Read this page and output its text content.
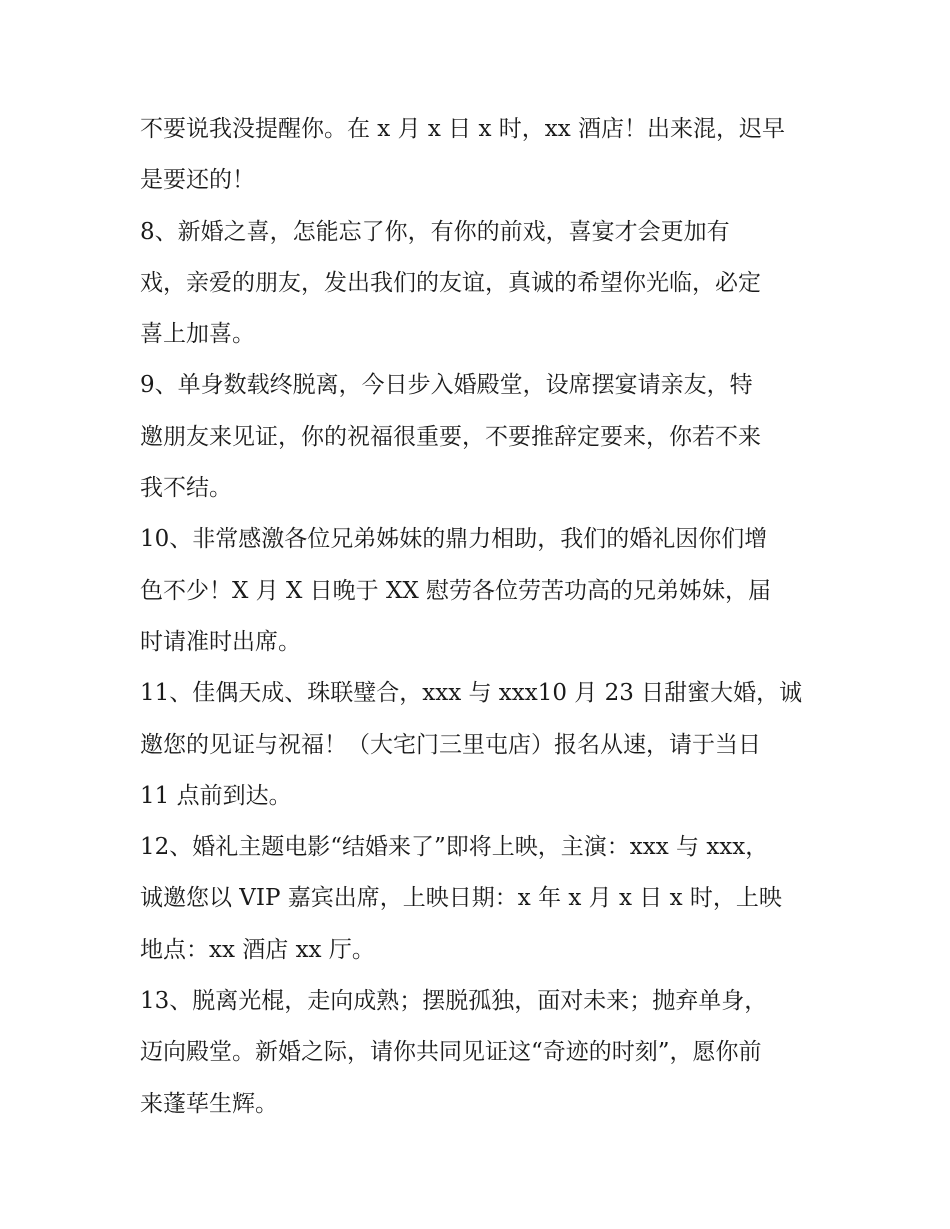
不要说我没提醒你。在 x 月 x 日 x 时，xx 酒店！出来混，迟早
是要还的！
8、新婚之喜，怎能忘了你，有你的前戏，喜宴才会更加有
戏，亲爱的朋友，发出我们的友谊，真诚的希望你光临，必定
喜上加喜。
9、单身数载终脱离，今日步入婚殿堂，设席摆宴请亲友，特
邀朋友来见证，你的祝福很重要，不要推辞定要来，你若不来
我不结。
10、非常感激各位兄弟姊妹的鼎力相助，我们的婚礼因你们增
色不少！X 月 X 日晚于 XX 慰劳各位劳苦功高的兄弟姊妹，届
时请准时出席。
11、佳偶天成、珠联璧合，xxx 与 xxx10 月 23 日甜蜜大婚，诚
邀您的见证与祝福！（大宅门三里屯店）报名从速，请于当日
11 点前到达。
12、婚礼主题电影“结婚来了”即将上映，主演：xxx 与 xxx，
诚邀您以 VIP 嘉宾出席，上映日期：x 年 x 月 x 日 x 时，上映
地点：xx 酒店 xx 厅。
13、脱离光棍，走向成熟；摆脱孤独，面对未来；抛弃单身，
迈向殿堂。新婚之际，请你共同见证这“奇迹的时刻”，愿你前
来蓬荜生辉。
